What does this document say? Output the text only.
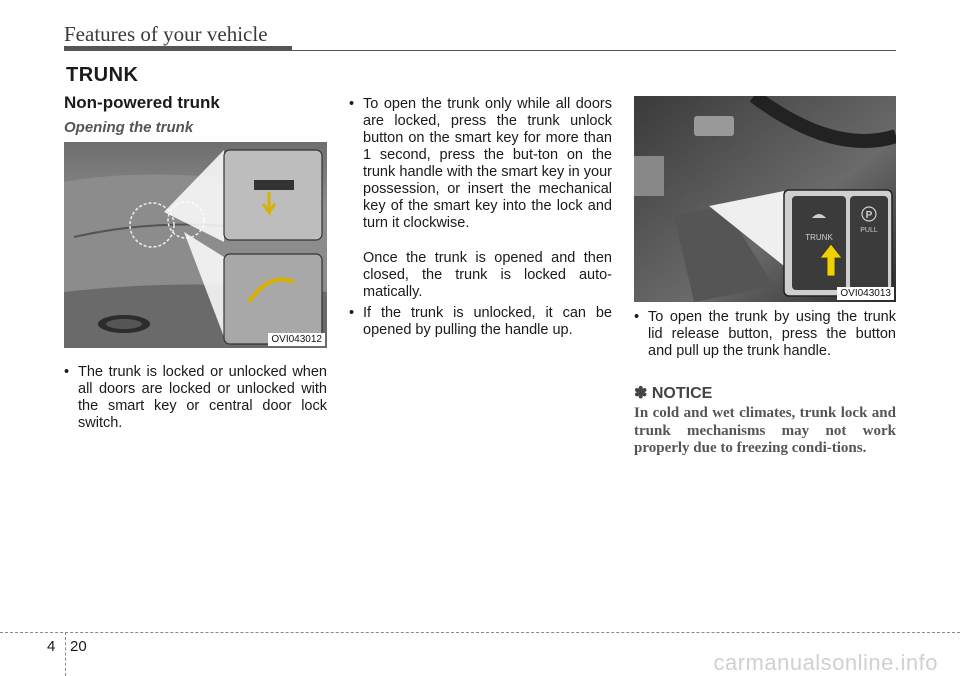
Features of your vehicle
TRUNK
Non-powered trunk
Opening the trunk
OVI043012
• The trunk is locked or unlocked when all doors are locked or unlocked with the smart key or central door lock switch.
• To open the trunk only while all doors are locked, press the trunk unlock button on the smart key for more than 1 second, press the but-ton on the trunk handle with the smart key in your possession, or insert the mechanical key of the smart key into the lock and turn it clockwise.
Once the trunk is opened and then closed, the trunk is locked auto-matically.
• If the trunk is unlocked, it can be opened by pulling the handle up.
TRUNK
P
PULL
OVI043013
• To open the trunk by using the trunk lid release button, press the button and pull up the trunk handle.
✽ NOTICE
In cold and wet climates, trunk lock and trunk mechanisms may not work properly due to freezing condi-tions.
4 20
carmanualsonline.info
